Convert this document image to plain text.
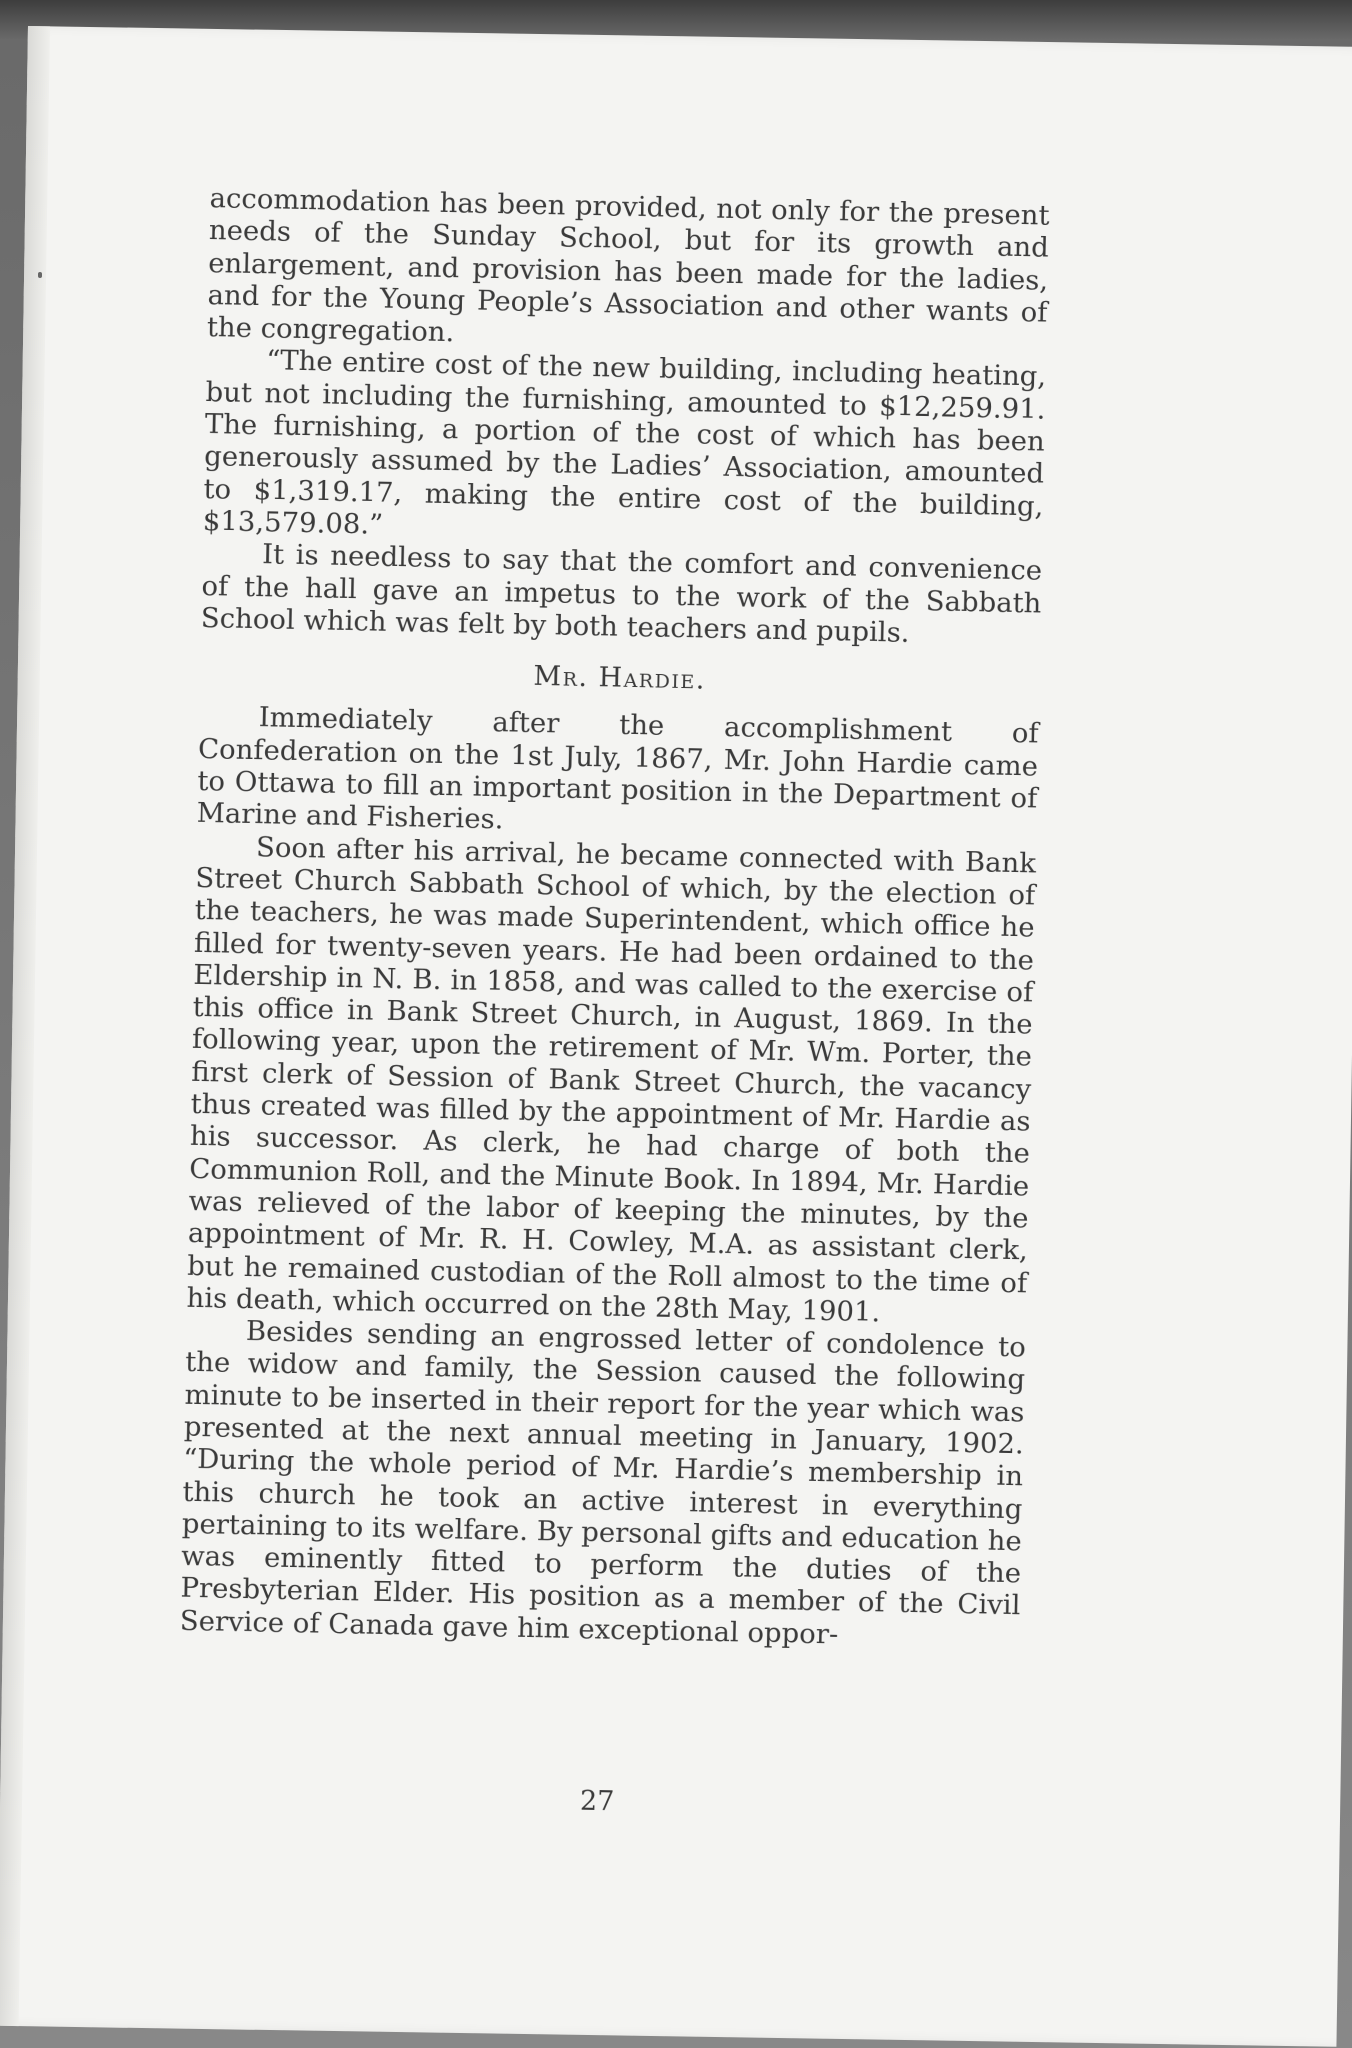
accommodation has been provided, not only for the present needs of the Sunday School, but for its growth and enlargement, and provision has been made for the ladies, and for the Young People’s Association and other wants of the congregation.

“The entire cost of the new building, including heating, but not including the furnishing, amounted to $12,259.91. The furnishing, a portion of the cost of which has been generously assumed by the Ladies’ Association, amounted to $1,319.17, making the entire cost of the building, $13,579.08.”

It is needless to say that the comfort and convenience of the hall gave an impetus to the work of the Sabbath School which was felt by both teachers and pupils.

Mr. Hardie.

Immediately after the accomplishment of Confederation on the 1st July, 1867, Mr. John Hardie came to Ottawa to fill an important position in the Department of Marine and Fisheries.

Soon after his arrival, he became connected with Bank Street Church Sabbath School of which, by the election of the teachers, he was made Superintendent, which office he filled for twenty-seven years. He had been ordained to the Eldership in N. B. in 1858, and was called to the exercise of this office in Bank Street Church, in August, 1869. In the following year, upon the retirement of Mr. Wm. Porter, the first clerk of Session of Bank Street Church, the vacancy thus created was filled by the appointment of Mr. Hardie as his successor. As clerk, he had charge of both the Communion Roll, and the Minute Book. In 1894, Mr. Hardie was relieved of the labor of keeping the minutes, by the appointment of Mr. R. H. Cowley, M.A. as assistant clerk, but he remained custodian of the Roll almost to the time of his death, which occurred on the 28th May, 1901.

Besides sending an engrossed letter of condolence to the widow and family, the Session caused the following minute to be inserted in their report for the year which was presented at the next annual meeting in January, 1902. “During the whole period of Mr. Hardie’s membership in this church he took an active interest in everything pertaining to its welfare. By personal gifts and education he was eminently fitted to perform the duties of the Presbyterian Elder. His position as a member of the Civil Service of Canada gave him exceptional oppor-

27
